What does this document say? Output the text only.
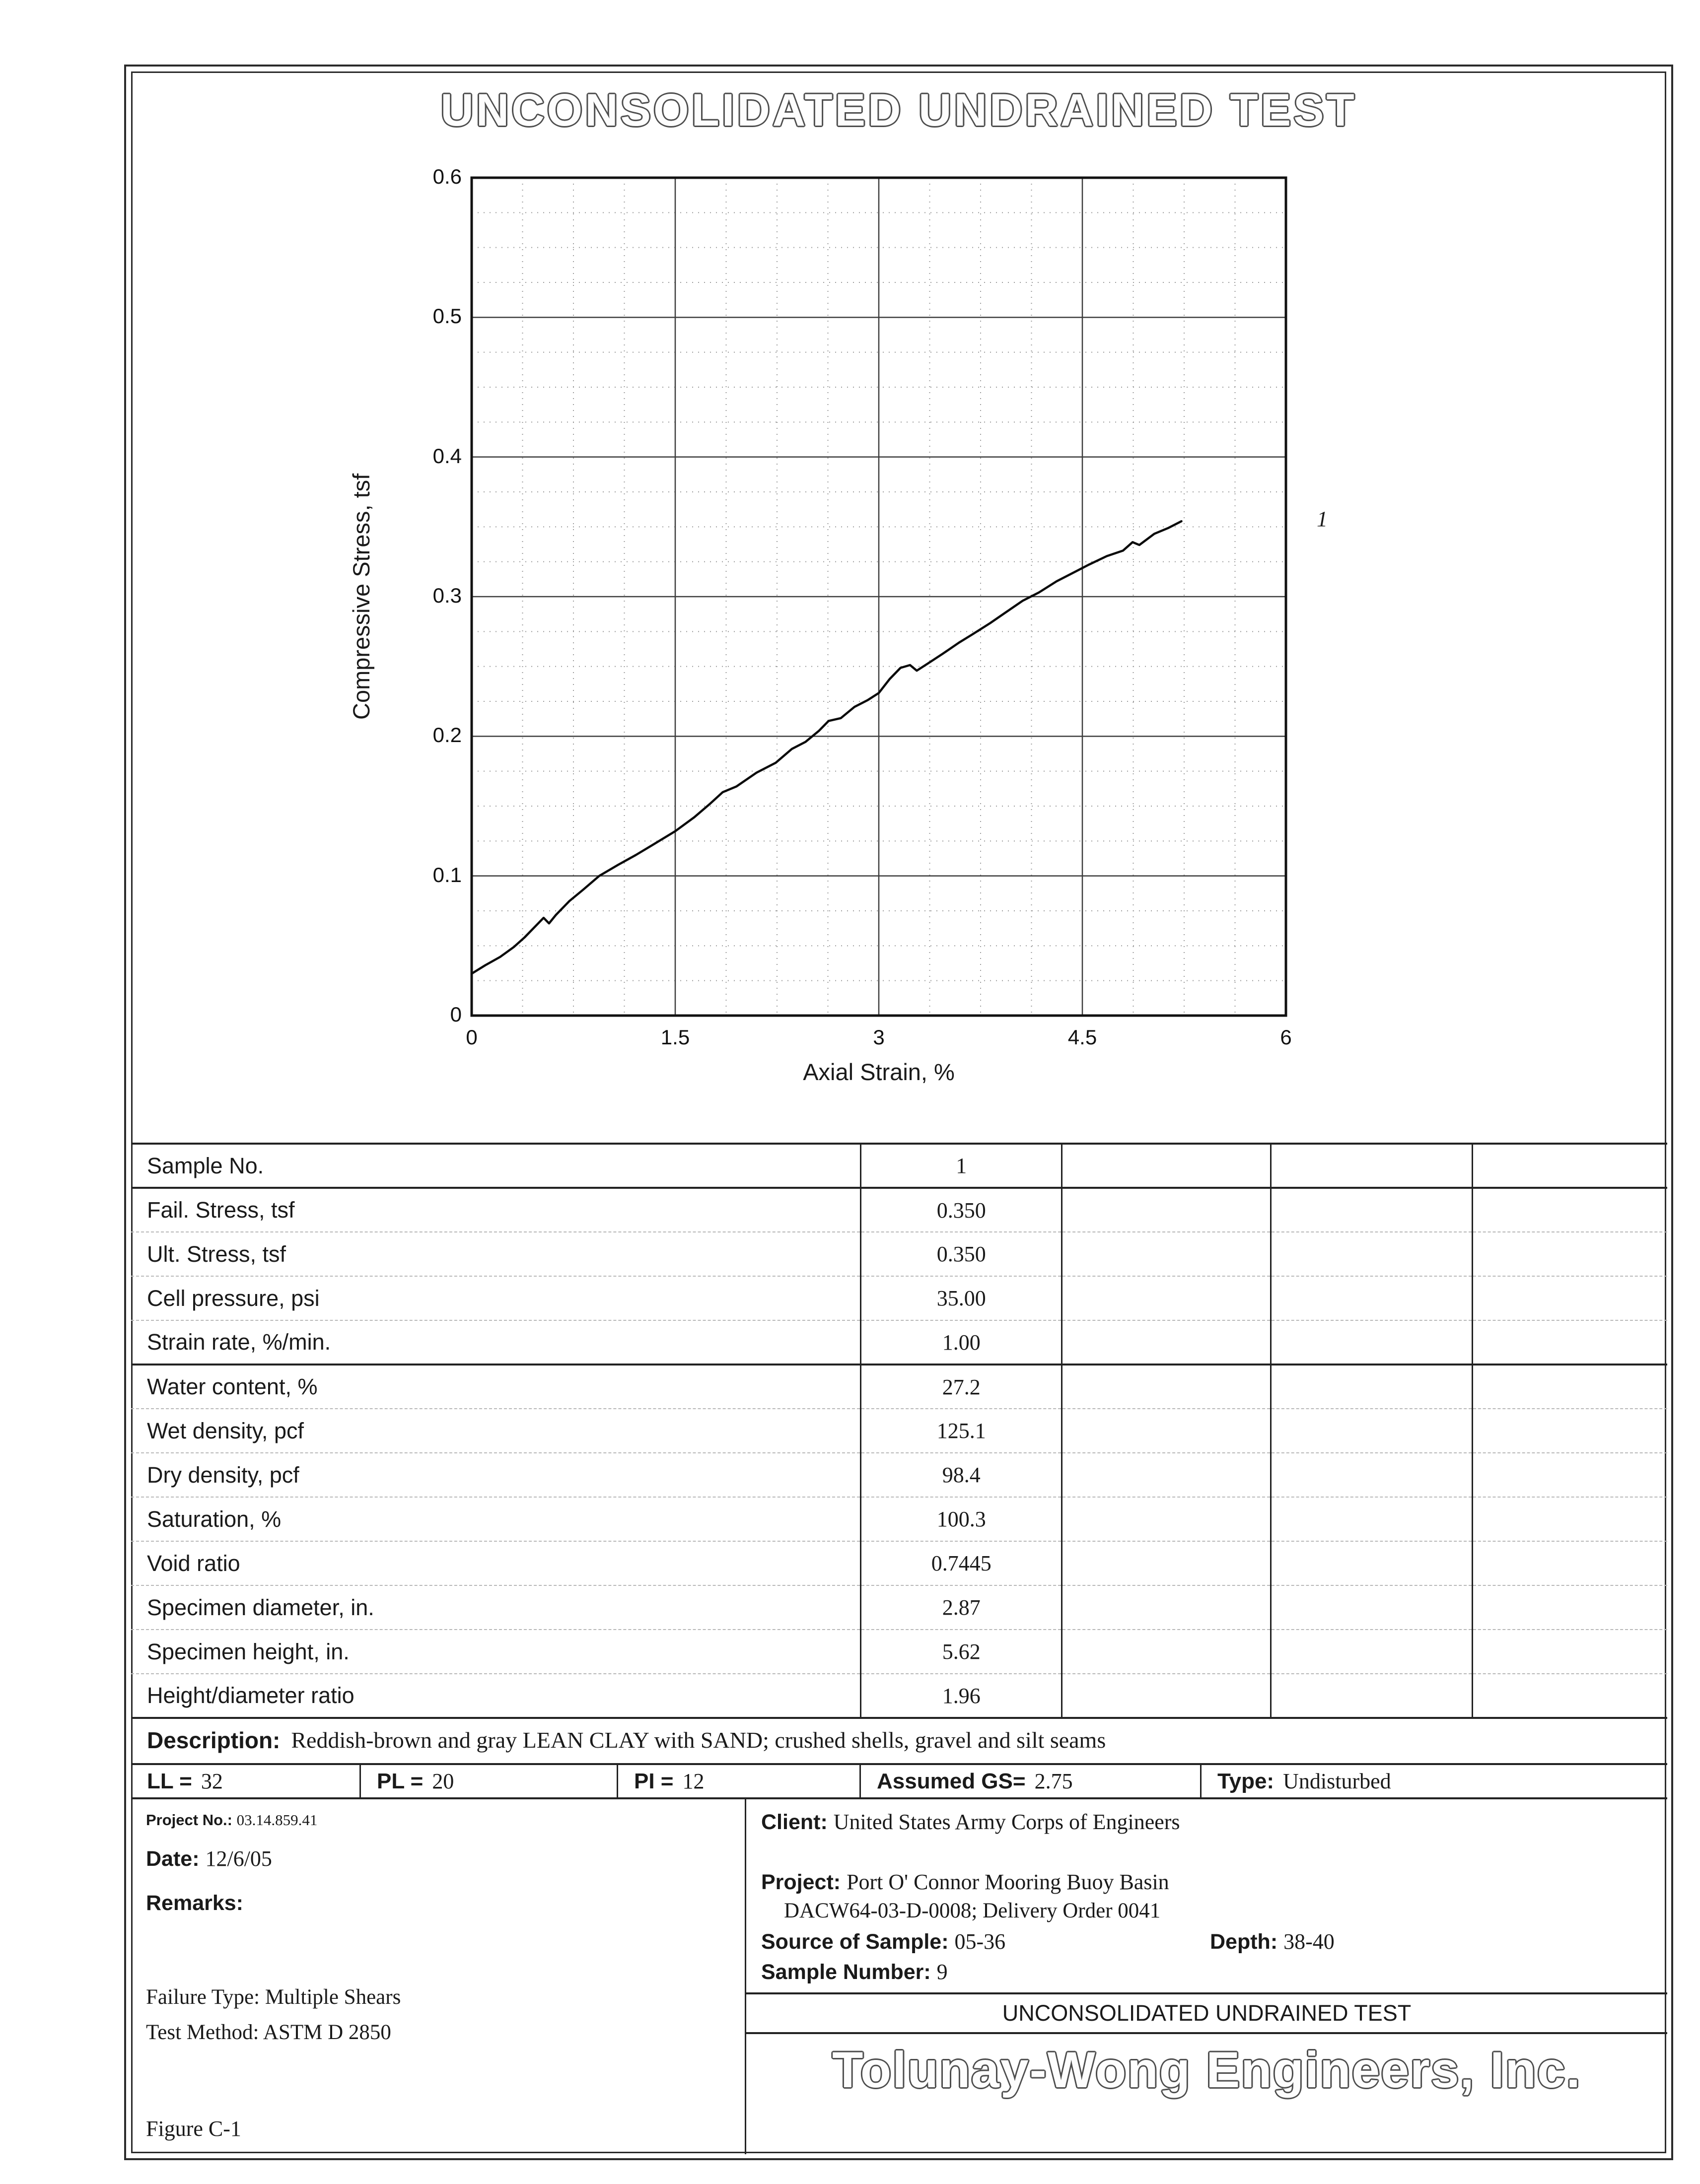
UNCONSOLIDATED UNDRAINED TEST
Compressive Stress, tsf
0
0.1
0.2
0.3
0.4
0.5
0.6
0	1.5	3	4.5	6
Axial Strain, %
1
Sample No.	1			
Fail. Stress, tsf	0.350			
Ult. Stress, tsf	0.350			
Cell pressure, psi	35.00			
Strain rate, %/min.	1.00			
Water content, %	27.2			
Wet density, pcf	125.1			
Dry density, pcf	98.4			
Saturation, %	100.3			
Void ratio	0.7445			
Specimen diameter, in.	2.87			
Specimen height, in.	5.62			
Height/diameter ratio	1.96			
Description: Reddish-brown and gray LEAN CLAY with SAND; crushed shells, gravel and silt seams
LL = 32	PL = 20	PI = 12	Assumed GS= 2.75	Type: Undisturbed
Project No.: 03.14.859.41
Date: 12/6/05
Remarks:
Failure Type: Multiple Shears
Test Method: ASTM D 2850
Figure C-1
Client: United States Army Corps of Engineers
Project: Port O' Connor Mooring Buoy Basin
DACW64-03-D-0008; Delivery Order 0041
Source of Sample: 05-36	Depth: 38-40
Sample Number: 9
UNCONSOLIDATED UNDRAINED TEST
Tolunay-Wong Engineers, Inc.
